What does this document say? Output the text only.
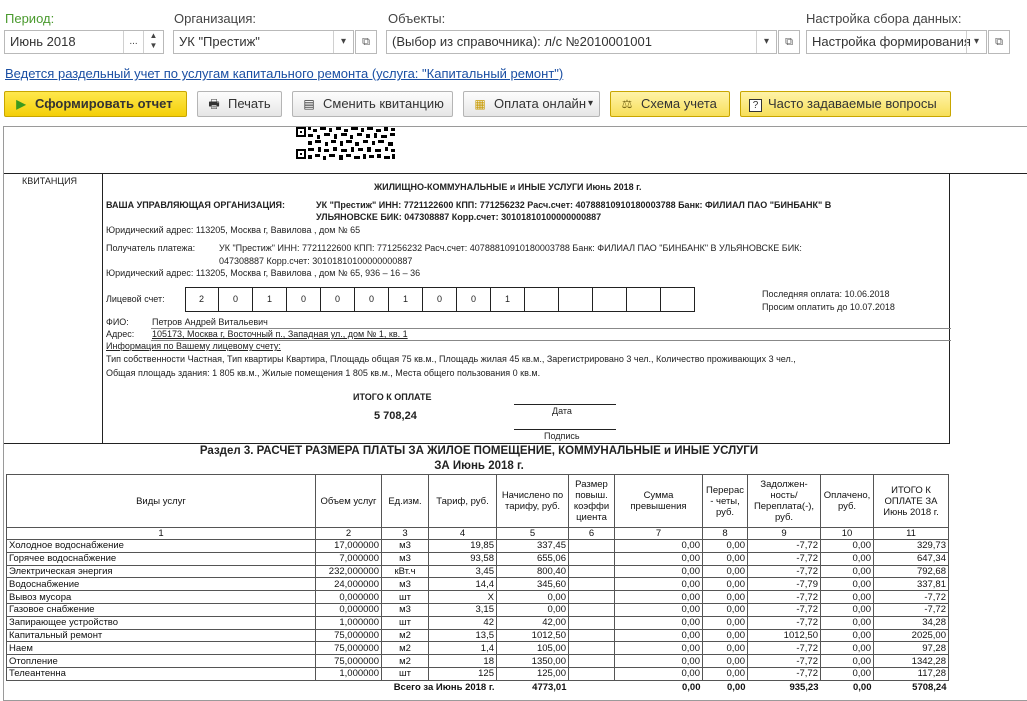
Период:
Июнь 2018	...
▲
▼
Организация:
УК "Престиж"	▾	⧉
Объекты:
(Выбор из справочника): л/с №2010001001	▾	⧉
Настройка сбора данных:
Настройка формирования ▾	⧉
Ведется раздельный учет по услугам капитального ремонта (услуга: "Капитальный ремонт")
▶ Сформировать отчет	🖶 Печать	▤ Сменить квитанцию	▦ Оплата онлайн ▾	⚖ Схема учета	? Часто задаваемые вопросы
КВИТАНЦИЯ
ЖИЛИЩНО-КОММУНАЛЬНЫЕ и ИНЫЕ УСЛУГИ Июнь 2018 г.
ВАША УПРАВЛЯЮЩАЯ ОРГАНИЗАЦИЯ:	УК "Престиж" ИНН: 7721122600 КПП: 771256232 Расч.счет: 40788810910180003788 Банк: ФИЛИАЛ ПАО "БИНБАНК" В
УЛЬЯНОВСКЕ БИК: 047308887 Корр.счет: 30101810100000000887
Юридический адрес: 113205, Москва г, Вавилова , дом № 65
Получатель платежа:	УК "Престиж" ИНН: 7721122600 КПП: 771256232 Расч.счет: 40788810910180003788 Банк: ФИЛИАЛ ПАО "БИНБАНК" В УЛЬЯНОВСКЕ БИК:
047308887 Корр.счет: 30101810100000000887
Юридический адрес: 113205, Москва г, Вавилова , дом № 65, 936 – 16 – 36
Лицевой счет:	2	0	1	0	0	0	1	0	0	1	Последняя оплата: 10.06.2018
Просим оплатить до 10.07.2018
ФИО:	Петров Андрей Витальевич
Адрес: 105173, Москва г, Восточный п., Западная ул., дом № 1, кв. 1
Информация по Вашему лицевому счету:
Тип собственности Частная, Тип квартиры Квартира, Площадь общая 75 кв.м., Площадь жилая 45 кв.м., Зарегистрировано 3 чел., Количество проживающих 3 чел.,
Общая площадь здания: 1 805 кв.м., Жилые помещения 1 805 кв.м., Места общего пользования 0 кв.м.
ИТОГО К ОПЛАТЕ
5 708,24	Дата
Подпись
Раздел 3. РАСЧЕТ РАЗМЕРА ПЛАТЫ ЗА ЖИЛОЕ ПОМЕЩЕНИЕ, КОММУНАЛЬНЫЕ и ИНЫЕ УСЛУГИ
ЗА Июнь 2018 г.
Виды услуг	Объем услуг	Ед.изм.	Тариф, руб.	Начислено по тарифу, руб.	Размер повыш. коэффи циента	Сумма превышения	Перерас - четы, руб.	Задолжен- ность/ Переплата(-), руб.	Оплачено, руб.	ИТОГО К ОПЛАТЕ ЗА Июнь 2018 г.
1	2	3	4	5	6	7	8	9	10	11
Холодное водоснабжение	17,000000	м3	19,85	337,45		0,00	0,00	-7,72	0,00	329,73
Горячее водоснабжение	7,000000	м3	93,58	655,06		0,00	0,00	-7,72	0,00	647,34
Электрическая энергия	232,000000	кВт.ч	3,45	800,40		0,00	0,00	-7,72	0,00	792,68
Водоснабжение	24,000000	м3	14,4	345,60		0,00	0,00	-7,79	0,00	337,81
Вывоз мусора	0,000000	шт	X	0,00		0,00	0,00	-7,72	0,00	-7,72
Газовое снабжение	0,000000	м3	3,15	0,00		0,00	0,00	-7,72	0,00	-7,72
Запирающее устройство	1,000000	шт	42	42,00		0,00	0,00	-7,72	0,00	34,28
Капитальный ремонт	75,000000	м2	13,5	1012,50		0,00	0,00	1012,50	0,00	2025,00
Наем	75,000000	м2	1,4	105,00		0,00	0,00	-7,72	0,00	97,28
Отопление	75,000000	м2	18	1350,00		0,00	0,00	-7,72	0,00	1342,28
Телеантенна	1,000000	шт	125	125,00		0,00	0,00	-7,72	0,00	117,28
Всего за Июнь 2018 г.				4773,01		0,00	0,00	935,23	0,00	5708,24
